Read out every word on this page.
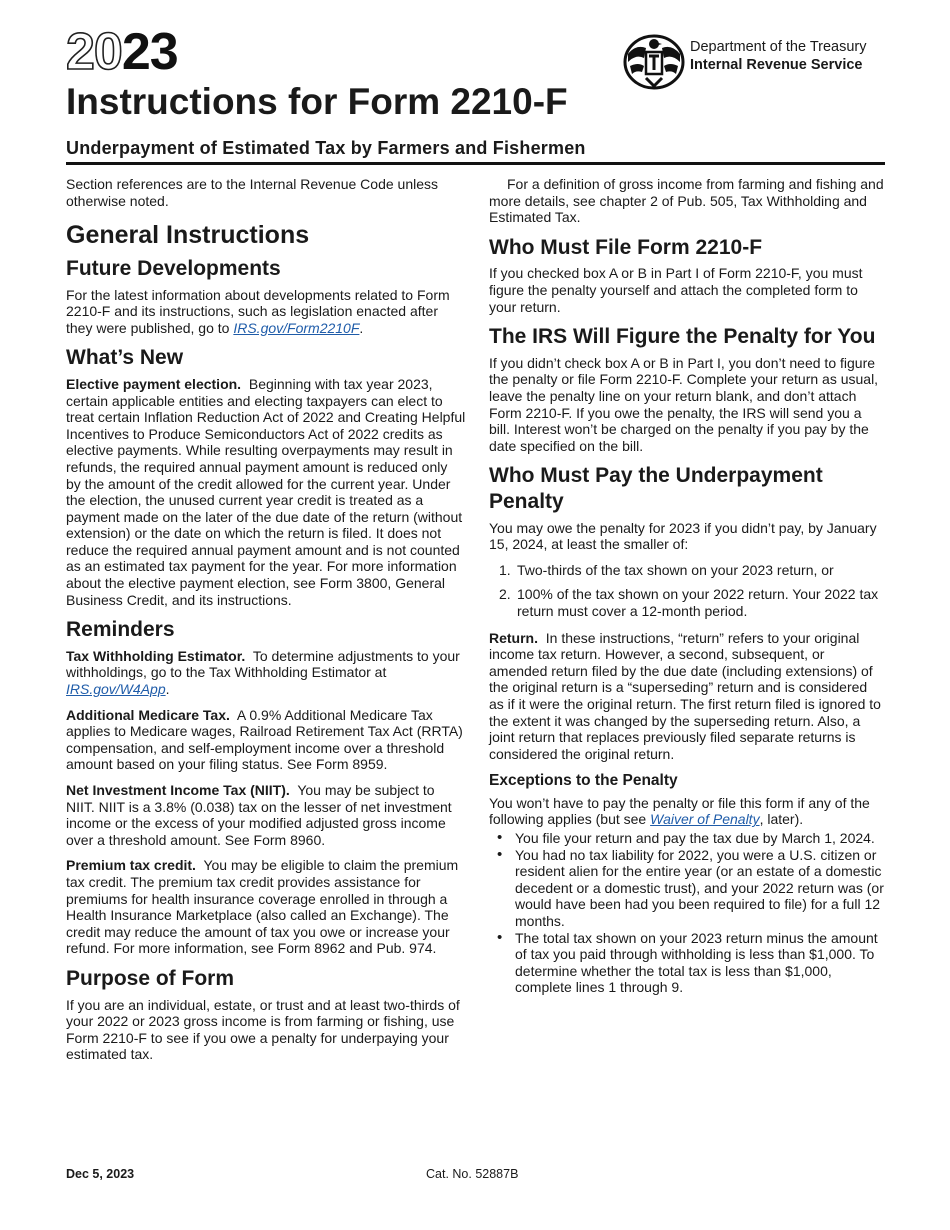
2023
Instructions for Form 2210-F
Underpayment of Estimated Tax by Farmers and Fishermen
Department of the Treasury
Internal Revenue Service

Section references are to the Internal Revenue Code unless otherwise noted.

General Instructions
Future Developments

For the latest information about developments related to Form 2210-F and its instructions, such as legislation enacted after they were published, go to IRS.gov/Form2210F.

What’s New

Elective payment election. Beginning with tax year 2023, certain applicable entities and electing taxpayers can elect to treat certain Inflation Reduction Act of 2022 and Creating Helpful Incentives to Produce Semiconductors Act of 2022 credits as elective payments. While resulting overpayments may result in refunds, the required annual payment amount is reduced only by the amount of the credit allowed for the current year. Under the election, the unused current year credit is treated as a payment made on the later of the due date of the return (without extension) or the date on which the return is filed. It does not reduce the required annual payment amount and is not counted as an estimated tax payment for the year. For more information about the elective payment election, see Form 3800, General Business Credit, and its instructions.

Reminders

Tax Withholding Estimator. To determine adjustments to your withholdings, go to the Tax Withholding Estimator at IRS.gov/W4App.

Additional Medicare Tax. A 0.9% Additional Medicare Tax applies to Medicare wages, Railroad Retirement Tax Act (RRTA) compensation, and self-employment income over a threshold amount based on your filing status. See Form 8959.

Net Investment Income Tax (NIIT). You may be subject to NIIT. NIIT is a 3.8% (0.038) tax on the lesser of net investment income or the excess of your modified adjusted gross income over a threshold amount. See Form 8960.

Premium tax credit. You may be eligible to claim the premium tax credit. The premium tax credit provides assistance for premiums for health insurance coverage enrolled in through a Health Insurance Marketplace (also called an Exchange). The credit may reduce the amount of tax you owe or increase your refund. For more information, see Form 8962 and Pub. 974.

Purpose of Form

If you are an individual, estate, or trust and at least two-thirds of your 2022 or 2023 gross income is from farming or fishing, use Form 2210-F to see if you owe a penalty for underpaying your estimated tax.

For a definition of gross income from farming and fishing and more details, see chapter 2 of Pub. 505, Tax Withholding and Estimated Tax.

Who Must File Form 2210-F

If you checked box A or B in Part I of Form 2210-F, you must figure the penalty yourself and attach the completed form to your return.

The IRS Will Figure the Penalty for You

If you didn’t check box A or B in Part I, you don’t need to figure the penalty or file Form 2210-F. Complete your return as usual, leave the penalty line on your return blank, and don’t attach Form 2210-F. If you owe the penalty, the IRS will send you a bill. Interest won’t be charged on the penalty if you pay by the date specified on the bill.

Who Must Pay the Underpayment Penalty

You may owe the penalty for 2023 if you didn’t pay, by January 15, 2024, at least the smaller of:

1. Two-thirds of the tax shown on your 2023 return, or
2. 100% of the tax shown on your 2022 return. Your 2022 tax return must cover a 12-month period.

Return. In these instructions, “return” refers to your original income tax return. However, a second, subsequent, or amended return filed by the due date (including extensions) of the original return is a “superseding” return and is considered as if it were the original return. The first return filed is ignored to the extent it was changed by the superseding return. Also, a joint return that replaces previously filed separate returns is considered the original return.

Exceptions to the Penalty

You won’t have to pay the penalty or file this form if any of the following applies (but see Waiver of Penalty, later).

• You file your return and pay the tax due by March 1, 2024.
• You had no tax liability for 2022, you were a U.S. citizen or resident alien for the entire year (or an estate of a domestic decedent or a domestic trust), and your 2022 return was (or would have been had you been required to file) for a full 12 months.
• The total tax shown on your 2023 return minus the amount of tax you paid through withholding is less than $1,000. To determine whether the total tax is less than $1,000, complete lines 1 through 9.
Dec 5, 2023	Cat. No. 52887B
